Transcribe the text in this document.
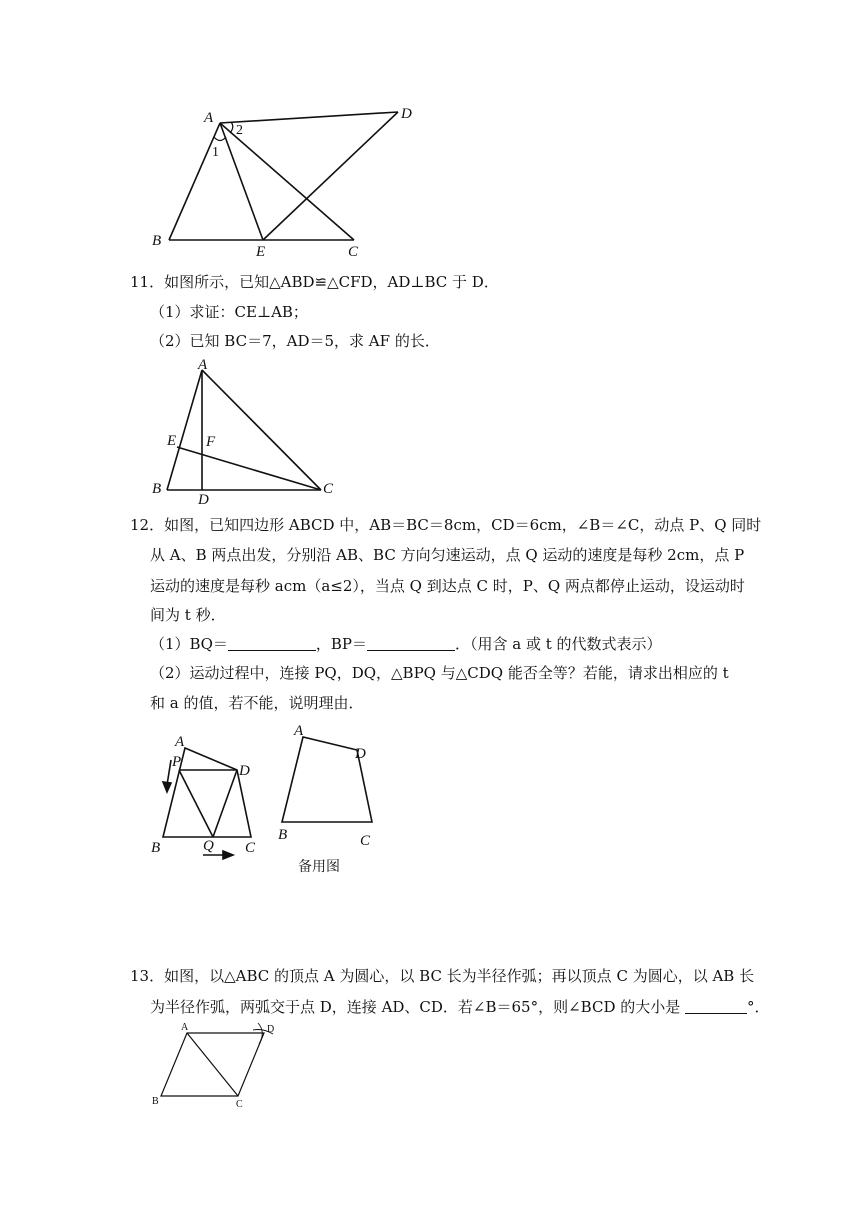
A	D
B
E	C
1
2
11．如图所示，已知△ABD≌△CFD，AD⊥BC 于 D．
（1）求证：CE⊥AB；
（2）已知 BC＝7，AD＝5，求 AF 的长．
A
E F
B
D
C
12．如图，已知四边形 ABCD 中，AB＝BC＝8cm，CD＝6cm，∠B＝∠C，动点 P、Q 同时
从 A、B 两点出发，分别沿 AB、BC 方向匀速运动，点 Q 运动的速度是每秒 2cm，点 P
运动的速度是每秒 acm（a≤2），当点 Q 到达点 C 时，P、Q 两点都停止运动，设运动时
间为 t 秒．
（1）BQ＝	，BP＝	．（用含 a 或 t 的代数式表示）
（2）运动过程中，连接 PQ，DQ，△BPQ 与△CDQ 能否全等？若能，请求出相应的 t
和 a 的值，若不能，说明理由．
A
P
D
B	Q C
A
D
B	C
备用图
13．如图，以△ABC 的顶点 A 为圆心，以 BC 长为半径作弧；再以顶点 C 为圆心，以 AB 长
为半径作弧，两弧交于点 D，连接 AD、CD．若∠B＝65°，则∠BCD 的大小是	°．
A	D
B	C
